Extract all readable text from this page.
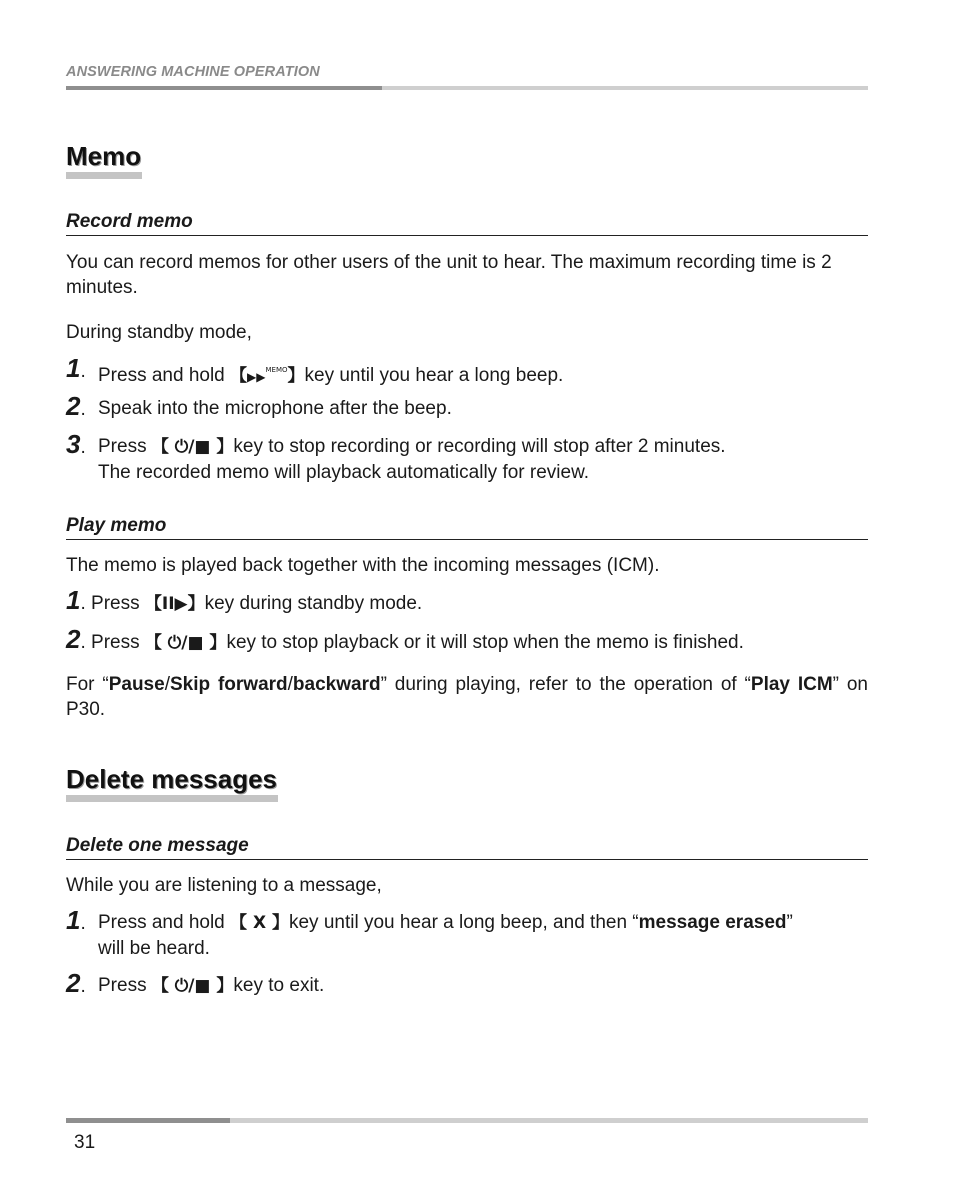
ANSWERING MACHINE OPERATION
Memo
Record memo
You can record memos for other users of the unit to hear. The maximum recording time is 2 minutes.
During standby mode,
1. Press and hold 【▶▶$^{MEMO}$】key until you hear a long beep.
2. Speak into the microphone after the beep.
3. Press 【 ⏻/■ 】key to stop recording or recording will stop after 2 minutes.
The recorded memo will playback automatically for review.
Play memo
The memo is played back together with the incoming messages (ICM).
1. Press 【II▶】key during standby mode.
2. Press 【 ⏻/■ 】key to stop playback or it will stop when the memo is finished.
For “Pause/Skip forward/backward” during playing, refer to the operation of “Play ICM” on P30.
Delete messages
Delete one message
While you are listening to a message,
1. Press and hold 【 X 】key until you hear a long beep, and then “message erased”
will be heard.
2. Press 【 ⏻/■ 】key to exit.
31
